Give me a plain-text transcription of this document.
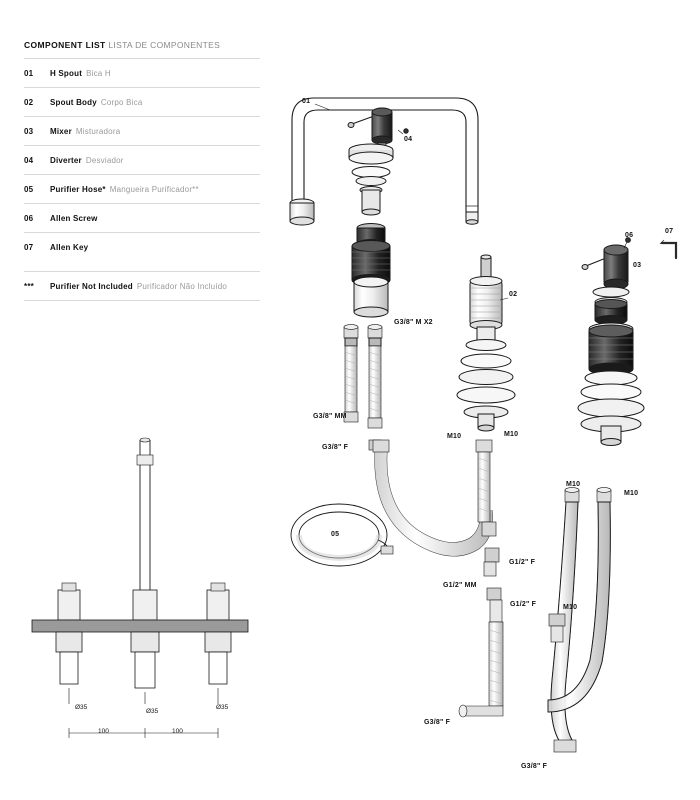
COMPONENT LIST LISTA DE COMPONENTES
01	H Spout Bica H
02	Spout Body Corpo Bica
03	Mixer Misturadora
04	Diverter Desviador
05	Purifier Hose* Mangueira Purificador**
06	Allen Screw
07	Allen Key
***	Purifier Not Included Purificador Não Incluído
01
04
02
05
06
03
07
G3/8" M X2
G3/8" MM
G3/8" F
M10	M10
M10
M10
M10
G1/2" F
G1/2" MM
G1/2" F
G3/8" F
G3/8" F
Ø35
Ø35
Ø35
100	100
